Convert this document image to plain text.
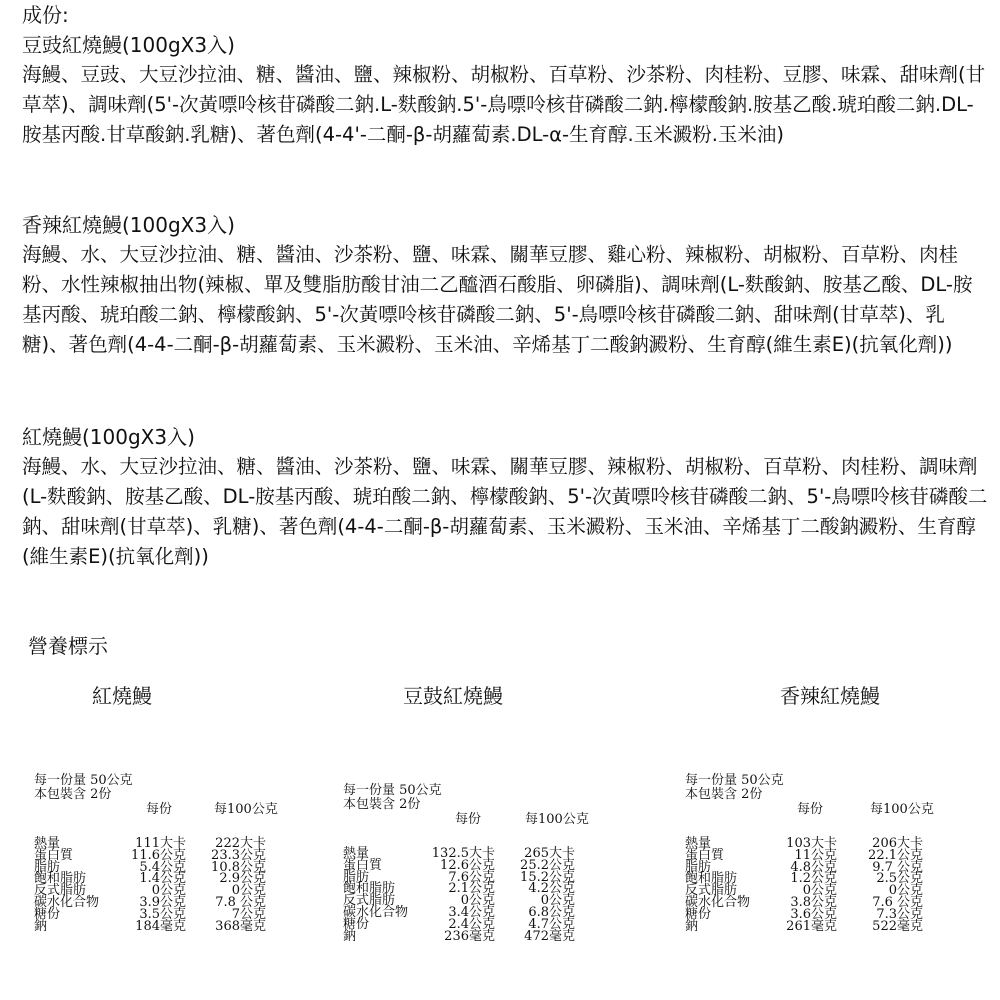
成份:
豆豉紅燒鰻(100gX3入)
海鰻、豆豉、大豆沙拉油、糖、醬油、鹽、辣椒粉、胡椒粉、百草粉、沙茶粉、肉桂粉、豆膠、味霖、甜味劑(甘草萃)、調味劑(5'-次黃嘌呤核苷磷酸二鈉.L-麩酸鈉.5'-鳥嘌呤核苷磷酸二鈉.檸檬酸鈉.胺基乙酸.琥珀酸二鈉.DL-胺基丙酸.甘草酸鈉.乳糖)、著色劑(4-4'-二酮-β-胡蘿蔔素.DL-α-生育醇.玉米澱粉.玉米油)
香辣紅燒鰻(100gX3入)
海鰻、水、大豆沙拉油、糖、醬油、沙茶粉、鹽、味霖、關華豆膠、雞心粉、辣椒粉、胡椒粉、百草粉、肉桂粉、水性辣椒抽出物(辣椒、單及雙脂肪酸甘油二乙醯酒石酸脂、卵磷脂)、調味劑(L-麩酸鈉、胺基乙酸、DL-胺基丙酸、琥珀酸二鈉、檸檬酸鈉、5'-次黃嘌呤核苷磷酸二鈉、5'-鳥嘌呤核苷磷酸二鈉、甜味劑(甘草萃)、乳糖)、著色劑(4-4-二酮-β-胡蘿蔔素、玉米澱粉、玉米油、辛烯基丁二酸鈉澱粉、生育醇(維生素E)(抗氧化劑))
紅燒鰻(100gX3入)
海鰻、水、大豆沙拉油、糖、醬油、沙茶粉、鹽、味霖、關華豆膠、辣椒粉、胡椒粉、百草粉、肉桂粉、調味劑(L-麩酸鈉、胺基乙酸、DL-胺基丙酸、琥珀酸二鈉、檸檬酸鈉、5'-次黃嘌呤核苷磷酸二鈉、5'-鳥嘌呤核苷磷酸二鈉、甜味劑(甘草萃)、乳糖)、著色劑(4-4-二酮-β-胡蘿蔔素、玉米澱粉、玉米油、辛烯基丁二酸鈉澱粉、生育醇(維生素E)(抗氧化劑))
營養標示
紅燒鰻	豆鼓紅燒鰻	香辣紅燒鰻
每一份量 50公克
本包裝含 2份
每份	每100公克
熱量	111大卡 222大卡
蛋白質	11.6公克 23.3公克
脂肪	5.4公克 10.8公克
飽和脂肪	1.4公克	2.9公克
反式脂肪	0公克	0公克
碳水化合物	3.9公克 7.8 公克
糖份	3.5公克	7公克
鈉	184毫克 368毫克
每一份量 50公克
本包裝含 2份
每份	每100公克
熱量	132.5大卡 265大卡
蛋白質	12.6公克 25.2公克
脂肪	7.6公克 15.2公克
飽和脂肪	2.1公克	4.2公克
反式脂肪	0公克	0公克
碳水化合物	3.4公克	6.8公克
糖份	2.4公克	4.7公克
鈉	236毫克 472毫克
每一份量 50公克
本包裝含 2份
每份	每100公克
熱量	103大卡	206大卡
蛋白質	11公克 22.1公克
脂肪	4.8公克	9.7 公克
飽和脂肪	1.2公克	2.5公克
反式脂肪	0公克	0公克
碳水化合物	3.8公克	7.6 公克
糖份	3.6公克	7.3公克
鈉	261毫克	522毫克
